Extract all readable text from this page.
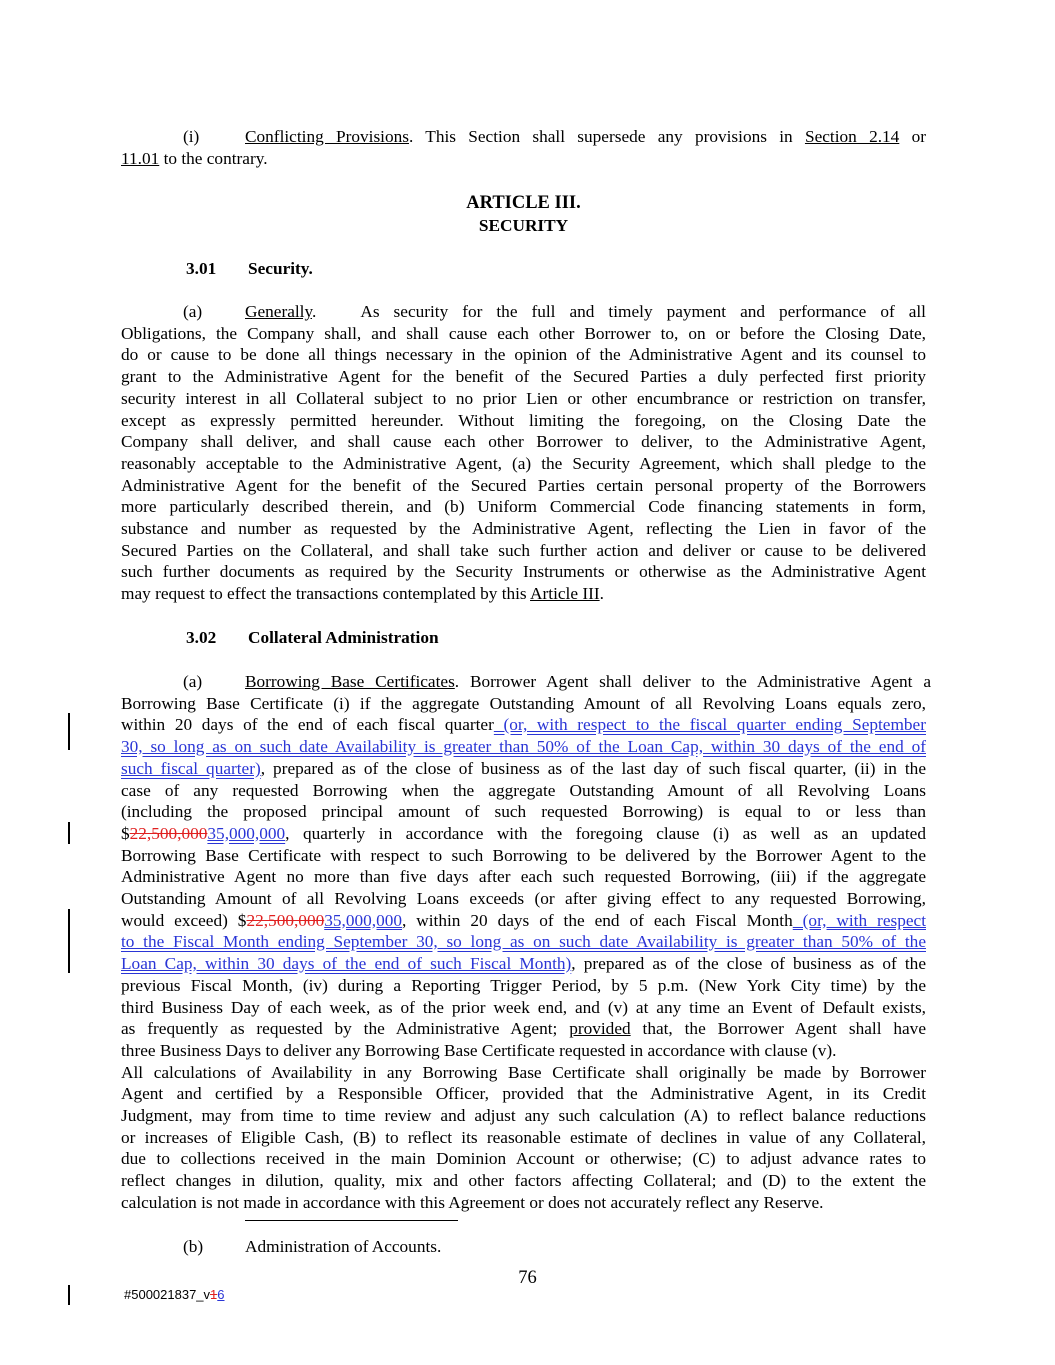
(i)	Conflicting Provisions. This Section shall supersede any provisions in Section 2.14 or
11.01 to the contrary.
ARTICLE III.
SECURITY
3.01 Security.
(a) Generally.	As security for the full and timely payment and performance of all
Obligations, the Company shall, and shall cause each other Borrower to, on or before the Closing Date,
do or cause to be done all things necessary in the opinion of the Administrative Agent and its counsel to
grant to the Administrative Agent for the benefit of the Secured Parties a duly perfected first priority
security interest in all Collateral subject to no prior Lien or other encumbrance or restriction on transfer,
except as expressly permitted hereunder. Without limiting the foregoing, on the Closing Date the
Company shall deliver, and shall cause each other Borrower to deliver, to the Administrative Agent,
reasonably acceptable to the Administrative Agent, (a) the Security Agreement, which shall pledge to the
Administrative Agent for the benefit of the Secured Parties certain personal property of the Borrowers
more particularly described therein, and (b) Uniform Commercial Code financing statements in form,
substance and number as requested by the Administrative Agent, reflecting the Lien in favor of the
Secured Parties on the Collateral, and shall take such further action and deliver or cause to be delivered
such further documents as required by the Security Instruments or otherwise as the Administrative Agent
may request to effect the transactions contemplated by this Article III.
3.02 Collateral Administration
(a) Borrowing Base Certificates. Borrower Agent shall deliver to the Administrative Agent a
Borrowing Base Certificate (i) if the aggregate Outstanding Amount of all Revolving Loans equals zero,
within 20 days of the end of each fiscal quarter (or, with respect to the fiscal quarter ending September
30, so long as on such date Availability is greater than 50% of the Loan Cap, within 30 days of the end of
such fiscal quarter), prepared as of the close of business as of the last day of such fiscal quarter, (ii) in the
case of any requested Borrowing when the aggregate Outstanding Amount of all Revolving Loans
(including the proposed principal amount of such requested Borrowing) is equal to or less than
$22,500,00035,000,000, quarterly in accordance with the foregoing clause (i) as well as an updated
Borrowing Base Certificate with respect to such Borrowing to be delivered by the Borrower Agent to the
Administrative Agent no more than five days after each such requested Borrowing, (iii) if the aggregate
Outstanding Amount of all Revolving Loans exceeds (or after giving effect to any requested Borrowing,
would exceed) $22,500,00035,000,000, within 20 days of the end of each Fiscal Month (or, with respect
to the Fiscal Month ending September 30, so long as on such date Availability is greater than 50% of the
Loan Cap, within 30 days of the end of such Fiscal Month), prepared as of the close of business as of the
previous Fiscal Month, (iv) during a Reporting Trigger Period, by 5 p.m. (New York City time) by the
third Business Day of each week, as of the prior week end, and (v) at any time an Event of Default exists,
as frequently as requested by the Administrative Agent; provided that, the Borrower Agent shall have
three Business Days to deliver any Borrowing Base Certificate requested in accordance with clause (v).
All calculations of Availability in any Borrowing Base Certificate shall originally be made by Borrower
Agent and certified by a Responsible Officer, provided that the Administrative Agent, in its Credit
Judgment, may from time to time review and adjust any such calculation (A) to reflect balance reductions
or increases of Eligible Cash, (B) to reflect its reasonable estimate of declines in value of any Collateral,
due to collections received in the main Dominion Account or otherwise; (C) to adjust advance rates to
reflect changes in dilution, quality, mix and other factors affecting Collateral; and (D) to the extent the
calculation is not made in accordance with this Agreement or does not accurately reflect any Reserve.
(b) Administration of Accounts.
76
#500021837_v16
